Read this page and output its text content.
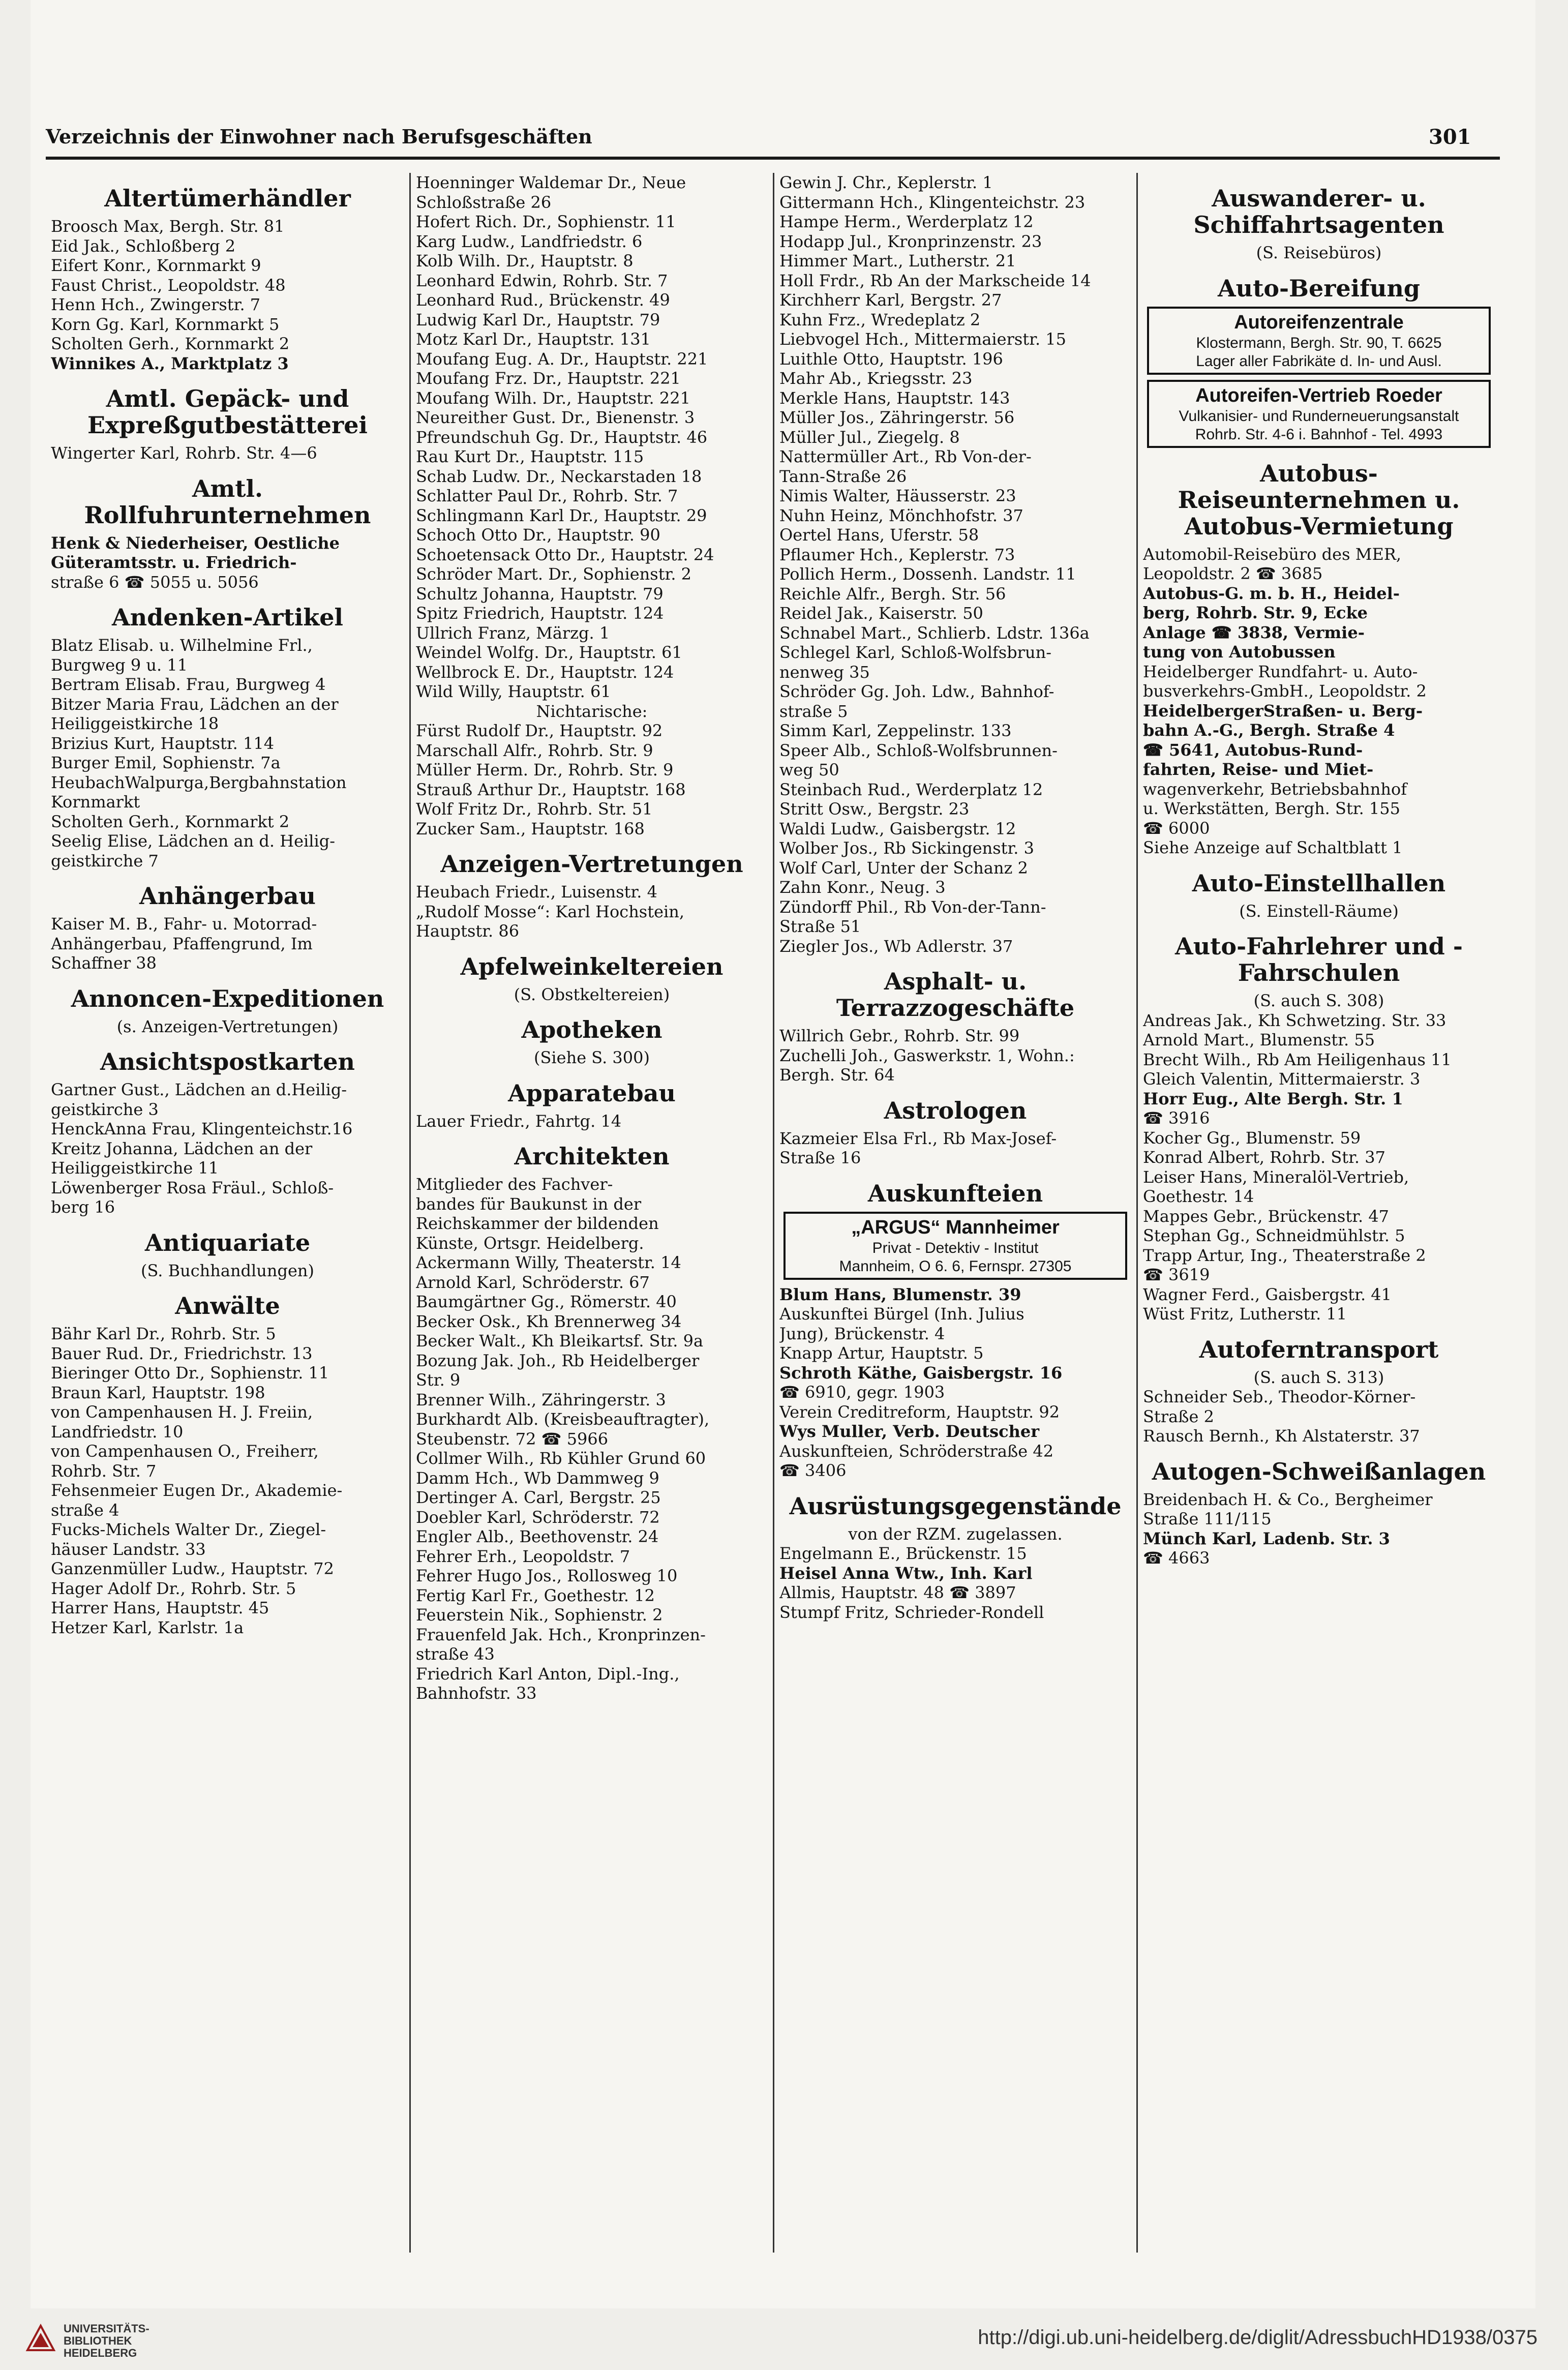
Verzeichnis der Einwohner nach Berufsgeschäften	301
Altertümerhändler
Broosch Max, Bergh. Str. 81
Eid Jak., Schloßberg 2
Eifert Konr., Kornmarkt 9
Faust Christ., Leopoldstr. 48
Henn Hch., Zwingerstr. 7
Korn Gg. Karl, Kornmarkt 5
Scholten Gerh., Kornmarkt 2
Winnikes A., Marktplatz 3
Amtl. Gepäck- und Expreßgutbestätterei
Wingerter Karl, Rohrb. Str. 4—6
Amtl. Rollfuhrunternehmen
Henk & Niederheiser, Oestliche
Güteramtsstr. u. Friedrich-
straße 6 ☎ 5055 u. 5056
Andenken-Artikel
Blatz Elisab. u. Wilhelmine Frl.,
Burgweg 9 u. 11
Bertram Elisab. Frau, Burgweg 4
Bitzer Maria Frau, Lädchen an der
Heiliggeistkirche 18
Brizius Kurt, Hauptstr. 114
Burger Emil, Sophienstr. 7a
HeubachWalpurga,Bergbahnstation
Kornmarkt
Scholten Gerh., Kornmarkt 2
Seelig Elise, Lädchen an d. Heilig-
geistkirche 7
Anhängerbau
Kaiser M. B., Fahr- u. Motorrad-
Anhängerbau, Pfaffengrund, Im
Schaffner 38
Annoncen-Expeditionen
(s. Anzeigen-Vertretungen)
Ansichtspostkarten
Gartner Gust., Lädchen an d.Heilig-
geistkirche 3
HenckAnna Frau, Klingenteichstr.16
Kreitz Johanna, Lädchen an der
Heiliggeistkirche 11
Löwenberger Rosa Fräul., Schloß-
berg 16
Antiquariate
(S. Buchhandlungen)
Anwälte
Bähr Karl Dr., Rohrb. Str. 5
Bauer Rud. Dr., Friedrichstr. 13
Bieringer Otto Dr., Sophienstr. 11
Braun Karl, Hauptstr. 198
von Campenhausen H. J. Freiin,
Landfriedstr. 10
von Campenhausen O., Freiherr,
Rohrb. Str. 7
Fehsenmeier Eugen Dr., Akademie-
straße 4
Fucks-Michels Walter Dr., Ziegel-
häuser Landstr. 33
Ganzenmüller Ludw., Hauptstr. 72
Hager Adolf Dr., Rohrb. Str. 5
Harrer Hans, Hauptstr. 45
Hetzer Karl, Karlstr. 1a
Hoenninger Waldemar Dr., Neue
Schloßstraße 26
Hofert Rich. Dr., Sophienstr. 11
Karg Ludw., Landfriedstr. 6
Kolb Wilh. Dr., Hauptstr. 8
Leonhard Edwin, Rohrb. Str. 7
Leonhard Rud., Brückenstr. 49
Ludwig Karl Dr., Hauptstr. 79
Motz Karl Dr., Hauptstr. 131
Moufang Eug. A. Dr., Hauptstr. 221
Moufang Frz. Dr., Hauptstr. 221
Moufang Wilh. Dr., Hauptstr. 221
Neureither Gust. Dr., Bienenstr. 3
Pfreundschuh Gg. Dr., Hauptstr. 46
Rau Kurt Dr., Hauptstr. 115
Schab Ludw. Dr., Neckarstaden 18
Schlatter Paul Dr., Rohrb. Str. 7
Schlingmann Karl Dr., Hauptstr. 29
Schoch Otto Dr., Hauptstr. 90
Schoetensack Otto Dr., Hauptstr. 24
Schröder Mart. Dr., Sophienstr. 2
Schultz Johanna, Hauptstr. 79
Spitz Friedrich, Hauptstr. 124
Ullrich Franz, Märzg. 1
Weindel Wolfg. Dr., Hauptstr. 61
Wellbrock E. Dr., Hauptstr. 124
Wild Willy, Hauptstr. 61
Nichtarische:
Fürst Rudolf Dr., Hauptstr. 92
Marschall Alfr., Rohrb. Str. 9
Müller Herm. Dr., Rohrb. Str. 9
Strauß Arthur Dr., Hauptstr. 168
Wolf Fritz Dr., Rohrb. Str. 51
Zucker Sam., Hauptstr. 168
Anzeigen-Vertretungen
Heubach Friedr., Luisenstr. 4
„Rudolf Mosse“: Karl Hochstein,
Hauptstr. 86
Apfelweinkeltereien
(S. Obstkeltereien)
Apotheken
(Siehe S. 300)
Apparatebau
Lauer Friedr., Fahrtg. 14
Architekten
Mitglieder des Fachver-
bandes für Baukunst in der
Reichskammer der bildenden
Künste, Ortsgr. Heidelberg.
Ackermann Willy, Theaterstr. 14
Arnold Karl, Schröderstr. 67
Baumgärtner Gg., Römerstr. 40
Becker Osk., Kh Brennerweg 34
Becker Walt., Kh Bleikartsf. Str. 9a
Bozung Jak. Joh., Rb Heidelberger
Str. 9
Brenner Wilh., Zähringerstr. 3
Burkhardt Alb. (Kreisbeauftragter),
Steubenstr. 72 ☎ 5966
Collmer Wilh., Rb Kühler Grund 60
Damm Hch., Wb Dammweg 9
Dertinger A. Carl, Bergstr. 25
Doebler Karl, Schröderstr. 72
Engler Alb., Beethovenstr. 24
Fehrer Erh., Leopoldstr. 7
Fehrer Hugo Jos., Rollosweg 10
Fertig Karl Fr., Goethestr. 12
Feuerstein Nik., Sophienstr. 2
Frauenfeld Jak. Hch., Kronprinzen-
straße 43
Friedrich Karl Anton, Dipl.-Ing.,
Bahnhofstr. 33
Gewin J. Chr., Keplerstr. 1
Gittermann Hch., Klingenteichstr. 23
Hampe Herm., Werderplatz 12
Hodapp Jul., Kronprinzenstr. 23
Himmer Mart., Lutherstr. 21
Holl Frdr., Rb An der Markscheide 14
Kirchherr Karl, Bergstr. 27
Kuhn Frz., Wredeplatz 2
Liebvogel Hch., Mittermaierstr. 15
Luithle Otto, Hauptstr. 196
Mahr Ab., Kriegsstr. 23
Merkle Hans, Hauptstr. 143
Müller Jos., Zähringerstr. 56
Müller Jul., Ziegelg. 8
Nattermüller Art., Rb Von-der-
Tann-Straße 26
Nimis Walter, Häusserstr. 23
Nuhn Heinz, Mönchhofstr. 37
Oertel Hans, Uferstr. 58
Pflaumer Hch., Keplerstr. 73
Pollich Herm., Dossenh. Landstr. 11
Reichle Alfr., Bergh. Str. 56
Reidel Jak., Kaiserstr. 50
Schnabel Mart., Schlierb. Ldstr. 136a
Schlegel Karl, Schloß-Wolfsbrun-
nenweg 35
Schröder Gg. Joh. Ldw., Bahnhof-
straße 5
Simm Karl, Zeppelinstr. 133
Speer Alb., Schloß-Wolfsbrunnen-
weg 50
Steinbach Rud., Werderplatz 12
Stritt Osw., Bergstr. 23
Waldi Ludw., Gaisbergstr. 12
Wolber Jos., Rb Sickingenstr. 3
Wolf Carl, Unter der Schanz 2
Zahn Konr., Neug. 3
Zündorff Phil., Rb Von-der-Tann-
Straße 51
Ziegler Jos., Wb Adlerstr. 37
Asphalt- u. Terrazzogeschäfte
Willrich Gebr., Rohrb. Str. 99
Zuchelli Joh., Gaswerkstr. 1, Wohn.:
Bergh. Str. 64
Astrologen
Kazmeier Elsa Frl., Rb Max-Josef-
Straße 16
Auskunfteien
„ARGUS“ Mannheimer
Privat - Detektiv - Institut
Mannheim, O 6. 6, Fernspr. 27305
Blum Hans, Blumenstr. 39
Auskunftei Bürgel (Inh. Julius
Jung), Brückenstr. 4
Knapp Artur, Hauptstr. 5
Schroth Käthe, Gaisbergstr. 16
☎ 6910, gegr. 1903
Verein Creditreform, Hauptstr. 92
Wys Muller, Verb. Deutscher
Auskunfteien, Schröderstraße 42
☎ 3406
Ausrüstungsgegenstände
von der RZM. zugelassen.
Engelmann E., Brückenstr. 15
Heisel Anna Wtw., Inh. Karl
Allmis, Hauptstr. 48 ☎ 3897
Stumpf Fritz, Schrieder-Rondell
Auswanderer- u. Schiffahrtsagenten
(S. Reisebüros)
Auto-Bereifung
Autoreifenzentrale
Klostermann, Bergh. Str. 90, T. 6625
Lager aller Fabrikäte d. In- und Ausl.
Autoreifen-Vertrieb Roeder
Vulkanisier- und Runderneuerungsanstalt
Rohrb. Str. 4-6 i. Bahnhof - Tel. 4993
Autobus- Reiseunternehmen u. Autobus-Vermietung
Automobil-Reisebüro des MER,
Leopoldstr. 2 ☎ 3685
Autobus-G. m. b. H., Heidel-
berg, Rohrb. Str. 9, Ecke
Anlage ☎ 3838, Vermie-
tung von Autobussen
Heidelberger Rundfahrt- u. Auto-
busverkehrs-GmbH., Leopoldstr. 2
HeidelbergerStraßen- u. Berg-
bahn A.-G., Bergh. Straße 4
☎ 5641, Autobus-Rund-
fahrten, Reise- und Miet-
wagenverkehr, Betriebsbahnhof
u. Werkstätten, Bergh. Str. 155
☎ 6000
Siehe Anzeige auf Schaltblatt 1
Auto-Einstellhallen
(S. Einstell-Räume)
Auto-Fahrlehrer und -Fahrschulen
(S. auch S. 308)
Andreas Jak., Kh Schwetzing. Str. 33
Arnold Mart., Blumenstr. 55
Brecht Wilh., Rb Am Heiligenhaus 11
Gleich Valentin, Mittermaierstr. 3
Horr Eug., Alte Bergh. Str. 1
☎ 3916
Kocher Gg., Blumenstr. 59
Konrad Albert, Rohrb. Str. 37
Leiser Hans, Mineralöl-Vertrieb,
Goethestr. 14
Mappes Gebr., Brückenstr. 47
Stephan Gg., Schneidmühlstr. 5
Trapp Artur, Ing., Theaterstraße 2
☎ 3619
Wagner Ferd., Gaisbergstr. 41
Wüst Fritz, Lutherstr. 11
Autoferntransport
(S. auch S. 313)
Schneider Seb., Theodor-Körner-
Straße 2
Rausch Bernh., Kh Alstaterstr. 37
Autogen-Schweißanlagen
Breidenbach H. & Co., Bergheimer
Straße 111/115
Münch Karl, Ladenb. Str. 3
☎ 4663
UNIVERSITÄTS- BIBLIOTHEK HEIDELBERG
http://digi.ub.uni-heidelberg.de/diglit/AdressbuchHD1938/0375
